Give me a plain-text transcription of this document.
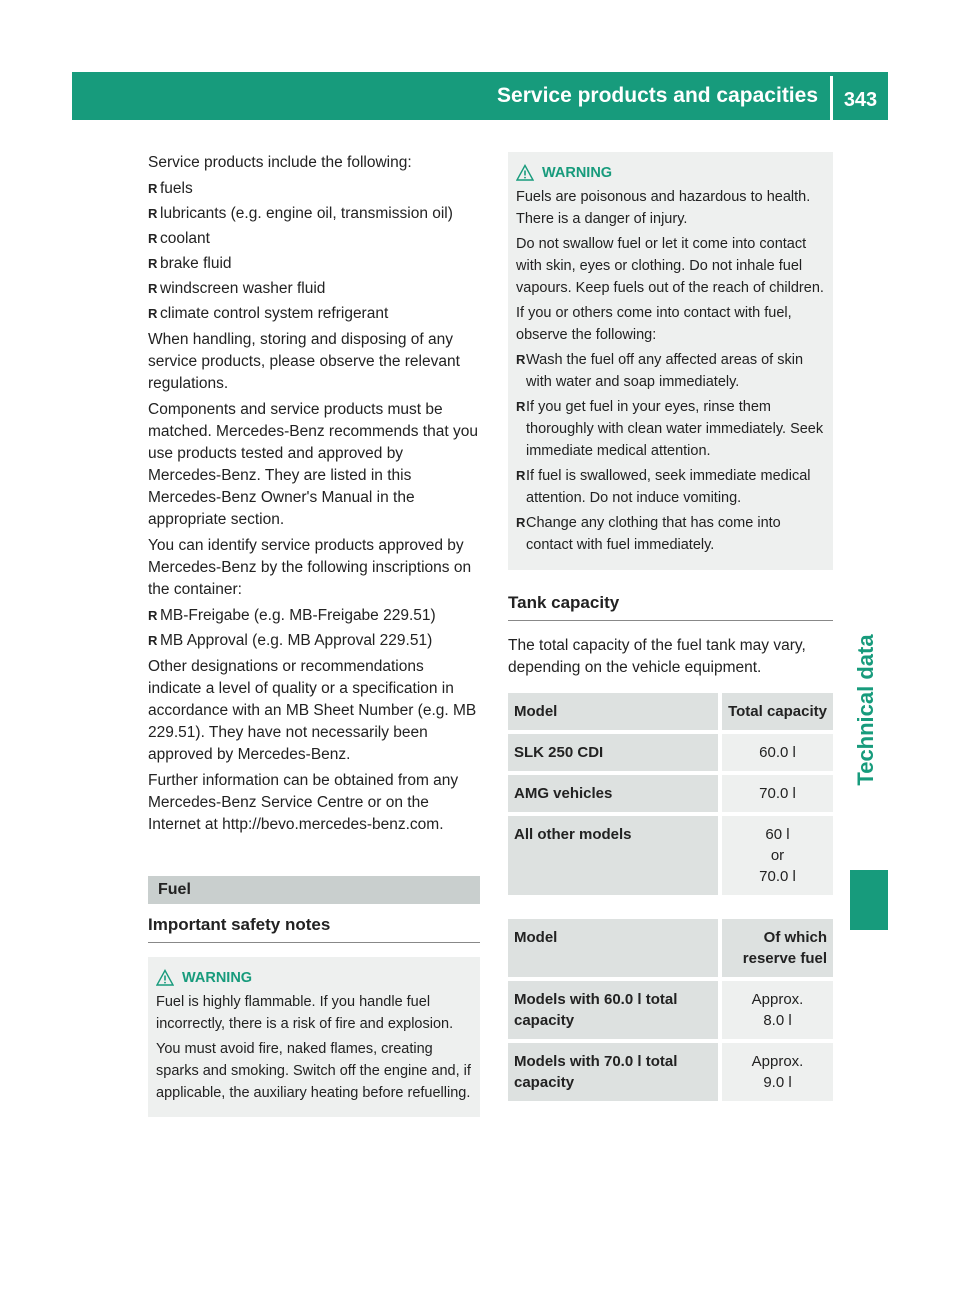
Service products and capacities	343
Technical data

Service products include the following:

R fuels
R lubricants (e.g. engine oil, transmission oil)
R coolant
R brake fluid
R windscreen washer fluid
R climate control system refrigerant

When handling, storing and disposing of any service products, please observe the relevant regulations.

Components and service products must be matched. Mercedes-Benz recommends that you use products tested and approved by Mercedes-Benz. They are listed in this Mercedes-Benz Owner's Manual in the appropriate section.

You can identify service products approved by Mercedes-Benz by the following inscriptions on the container:

R MB-Freigabe (e.g. MB-Freigabe 229.51)
R MB Approval (e.g. MB Approval 229.51)

Other designations or recommendations indicate a level of quality or a specification in accordance with an MB Sheet Number (e.g. MB 229.51). They have not necessarily been approved by Mercedes-Benz.

Further information can be obtained from any Mercedes-Benz Service Centre or on the Internet at http://bevo.mercedes-benz.com.

Fuel
Important safety notes
WARNING

Fuel is highly flammable. If you handle fuel incorrectly, there is a risk of fire and explosion.

You must avoid fire, naked flames, creating sparks and smoking. Switch off the engine and, if applicable, the auxiliary heating before refuelling.

WARNING

Fuels are poisonous and hazardous to health. There is a danger of injury.

Do not swallow fuel or let it come into contact with skin, eyes or clothing. Do not inhale fuel vapours. Keep fuels out of the reach of children.

If you or others come into contact with fuel, observe the following:

R Wash the fuel off any affected areas of skin with water and soap immediately.
R If you get fuel in your eyes, rinse them thoroughly with clean water immediately. Seek immediate medical attention.
R If fuel is swallowed, seek immediate medical attention. Do not induce vomiting.
R Change any clothing that has come into contact with fuel immediately.
Tank capacity

The total capacity of the fuel tank may vary, depending on the vehicle equipment.

Model	Total capacity
SLK 250 CDI	60.0 l
AMG vehicles	70.0 l
All other models	60 l
or
70.0 l
Model	Of which reserve fuel
Models with 60.0 l total capacity	Approx.
8.0 l

Models with 70.0 l total capacity	Approx.
9.0 l
